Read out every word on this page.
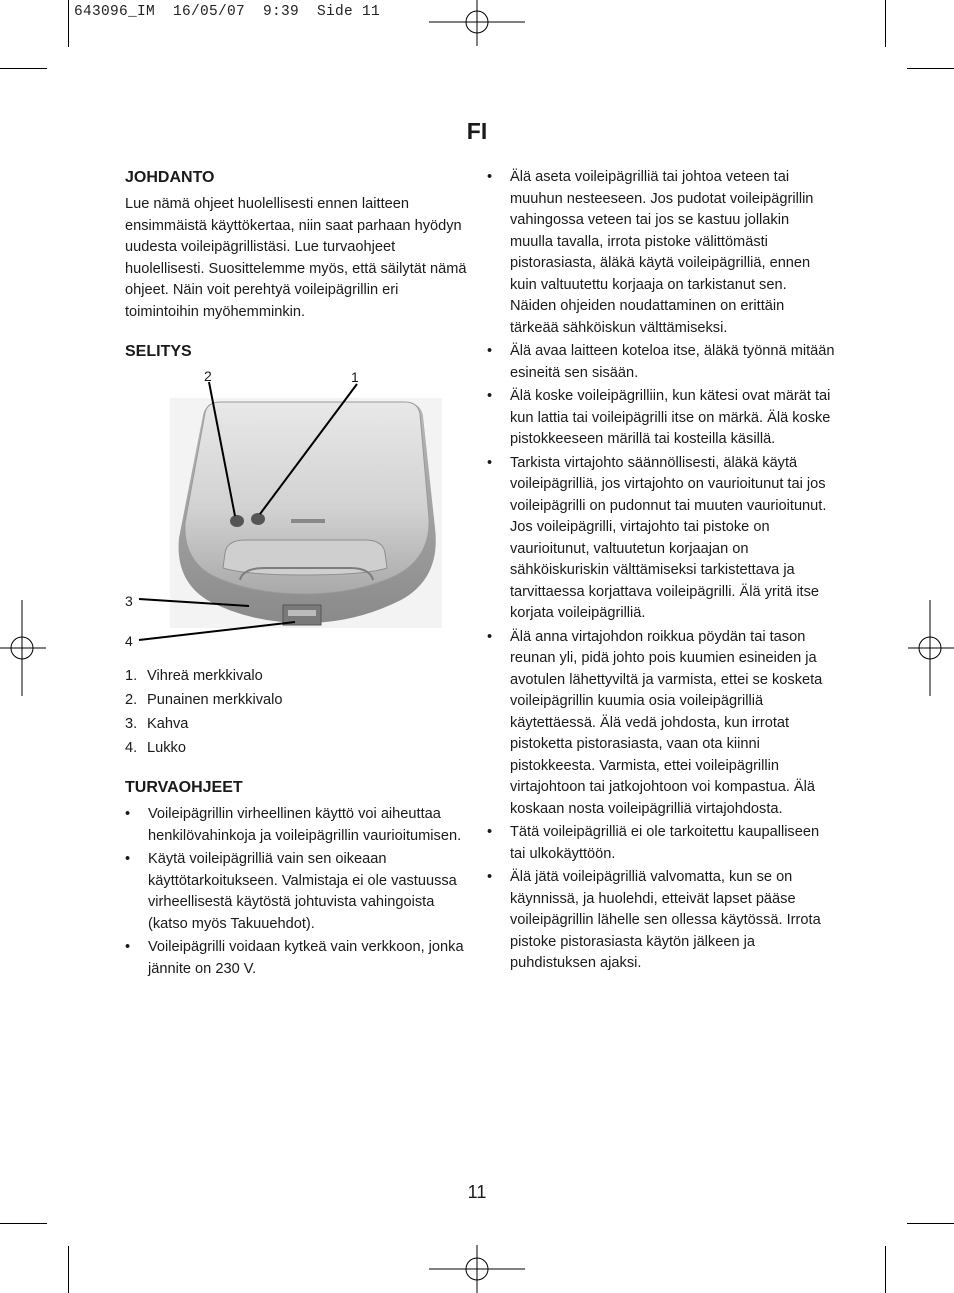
643096_IM  16/05/07  9:39  Side 11
FI
JOHDANTO

Lue nämä ohjeet huolellisesti ennen laitteen ensimmäistä käyttökertaa, niin saat parhaan hyödyn uudesta voileipägrillistäsi. Lue turvaohjeet huolellisesti. Suosittelemme myös, että säilytät nämä ohjeet. Näin voit perehtyä voileipägrillin eri toimintoihin myöhemminkin.

SELITYS
2	1
3
4
1. Vihreä merkkivalo
2. Punainen merkkivalo
3. Kahva
4. Lukko
TURVAOHJEET
• Voileipägrillin virheellinen käyttö voi aiheuttaa henkilövahinkoja ja voileipägrillin vaurioitumisen.
• Käytä voileipägrilliä vain sen oikeaan käyttötarkoitukseen. Valmistaja ei ole vastuussa virheellisestä käytöstä johtuvista vahingoista (katso myös Takuuehdot).
• Voileipägrilli voidaan kytkeä vain verkkoon, jonka jännite on 230 V.
• Älä aseta voileipägrilliä tai johtoa veteen tai muuhun nesteeseen. Jos pudotat voileipägrillin vahingossa veteen tai jos se kastuu jollakin muulla tavalla, irrota pistoke välittömästi pistorasiasta, äläkä käytä voileipägrilliä, ennen kuin valtuutettu korjaaja on tarkistanut sen. Näiden ohjeiden noudattaminen on erittäin tärkeää sähköiskun välttämiseksi.
• Älä avaa laitteen koteloa itse, äläkä työnnä mitään esineitä sen sisään.
• Älä koske voileipägrilliin, kun kätesi ovat märät tai kun lattia tai voileipägrilli itse on märkä. Älä koske pistokkeeseen märillä tai kosteilla käsillä.
• Tarkista virtajohto säännöllisesti, äläkä käytä voileipägrilliä, jos virtajohto on vaurioitunut tai jos voileipägrilli on pudonnut tai muuten vaurioitunut. Jos voileipägrilli, virtajohto tai pistoke on vaurioitunut, valtuutetun korjaajan on sähköiskuriskin välttämiseksi tarkistettava ja tarvittaessa korjattava voileipägrilli. Älä yritä itse korjata voileipägrilliä.
• Älä anna virtajohdon roikkua pöydän tai tason reunan yli, pidä johto pois kuumien esineiden ja avotulen lähettyviltä ja varmista, ettei se kosketa voileipägrillin kuumia osia voileipägrilliä käytettäessä. Älä vedä johdosta, kun irrotat pistoketta pistorasiasta, vaan ota kiinni pistokkeesta. Varmista, ettei voileipägrillin virtajohtoon tai jatkojohtoon voi kompastua. Älä koskaan nosta voileipägrilliä virtajohdosta.
• Tätä voileipägrilliä ei ole tarkoitettu kaupalliseen tai ulkokäyttöön.
• Älä jätä voileipägrilliä valvomatta, kun se on käynnissä, ja huolehdi, etteivät lapset pääse voileipägrillin lähelle sen ollessa käytössä. Irrota pistoke pistorasiasta käytön jälkeen ja puhdistuksen ajaksi.
11
